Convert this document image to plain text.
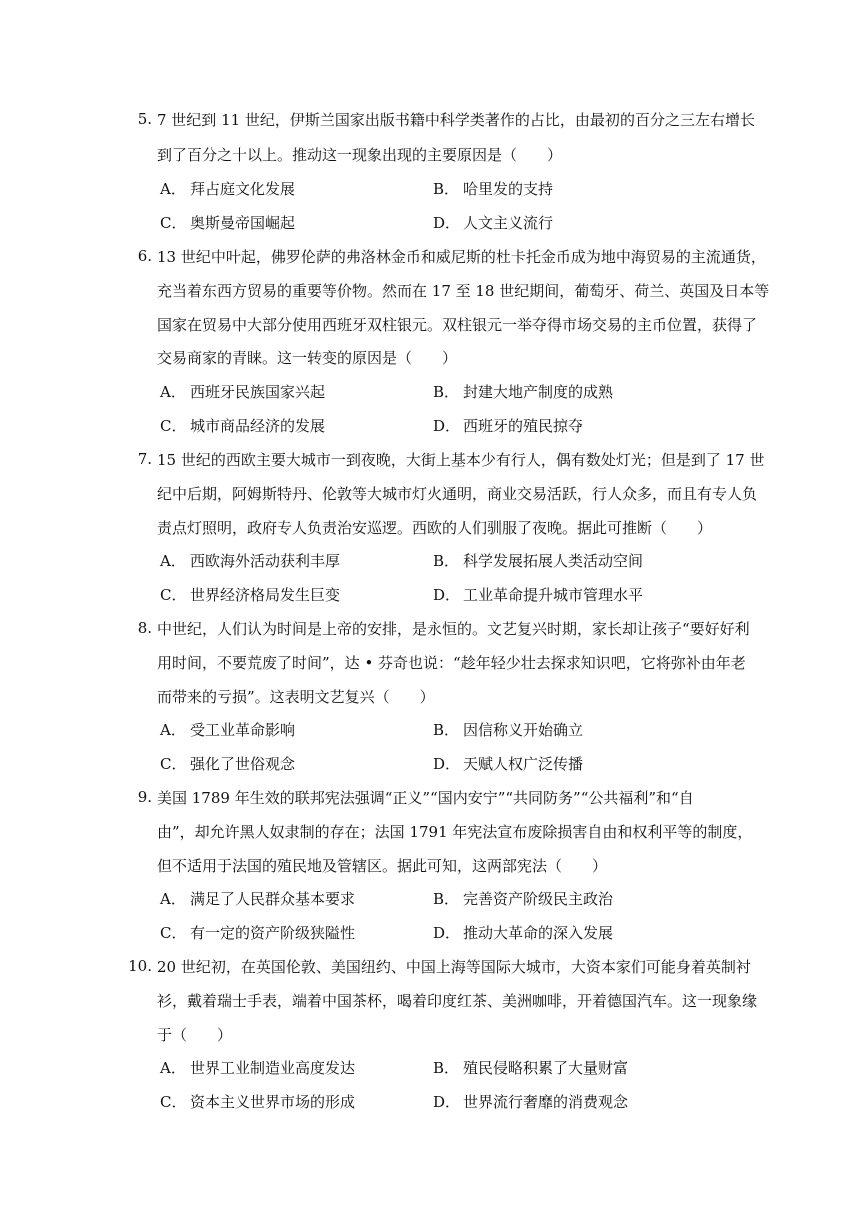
5. 7 世纪到 11 世纪，伊斯兰国家出版书籍中科学类著作的占比，由最初的百分之三左右增长
到了百分之十以上。推动这一现象出现的主要原因是（　　）
A． 拜占庭文化发展	B． 哈里发的支持
C． 奥斯曼帝国崛起	D． 人文主义流行
6. 13 世纪中叶起，佛罗伦萨的弗洛林金币和威尼斯的杜卡托金币成为地中海贸易的主流通货，
充当着东西方贸易的重要等价物。然而在 17 至 18 世纪期间，葡萄牙、荷兰、英国及日本等
国家在贸易中大部分使用西班牙双柱银元。双柱银元一举夺得市场交易的主币位置，获得了
交易商家的青睐。这一转变的原因是（　　）
A． 西班牙民族国家兴起	B． 封建大地产制度的成熟
C． 城市商品经济的发展	D． 西班牙的殖民掠夺
7. 15 世纪的西欧主要大城市一到夜晚，大街上基本少有行人，偶有数处灯光；但是到了 17 世
纪中后期，阿姆斯特丹、伦敦等大城市灯火通明，商业交易活跃，行人众多，而且有专人负
责点灯照明，政府专人负责治安巡逻。西欧的人们驯服了夜晚。据此可推断（　　）
A． 西欧海外活动获利丰厚	B． 科学发展拓展人类活动空间
C． 世界经济格局发生巨变	D． 工业革命提升城市管理水平
8. 中世纪，人们认为时间是上帝的安排，是永恒的。文艺复兴时期，家长却让孩子“要好好利
用时间，不要荒废了时间”，达 • 芬奇也说：“趁年轻少壮去探求知识吧，它将弥补由年老
而带来的亏损”。这表明文艺复兴（　　）
A． 受工业革命影响	B． 因信称义开始确立
C． 强化了世俗观念	D． 天赋人权广泛传播
9. 美国 1789 年生效的联邦宪法强调“正义”“国内安宁”“共同防务”“公共福利”和“自
由”，却允许黑人奴隶制的存在；法国 1791 年宪法宣布废除损害自由和权利平等的制度，
但不适用于法国的殖民地及管辖区。据此可知，这两部宪法（　　）
A． 满足了人民群众基本要求	B． 完善资产阶级民主政治
C． 有一定的资产阶级狭隘性	D． 推动大革命的深入发展
10. 20 世纪初，在英国伦敦、美国纽约、中国上海等国际大城市，大资本家们可能身着英制衬
衫，戴着瑞士手表，端着中国茶杯，喝着印度红茶、美洲咖啡，开着德国汽车。这一现象缘
于（　　）
A． 世界工业制造业高度发达	B． 殖民侵略积累了大量财富
C． 资本主义世界市场的形成	D． 世界流行奢靡的消费观念
